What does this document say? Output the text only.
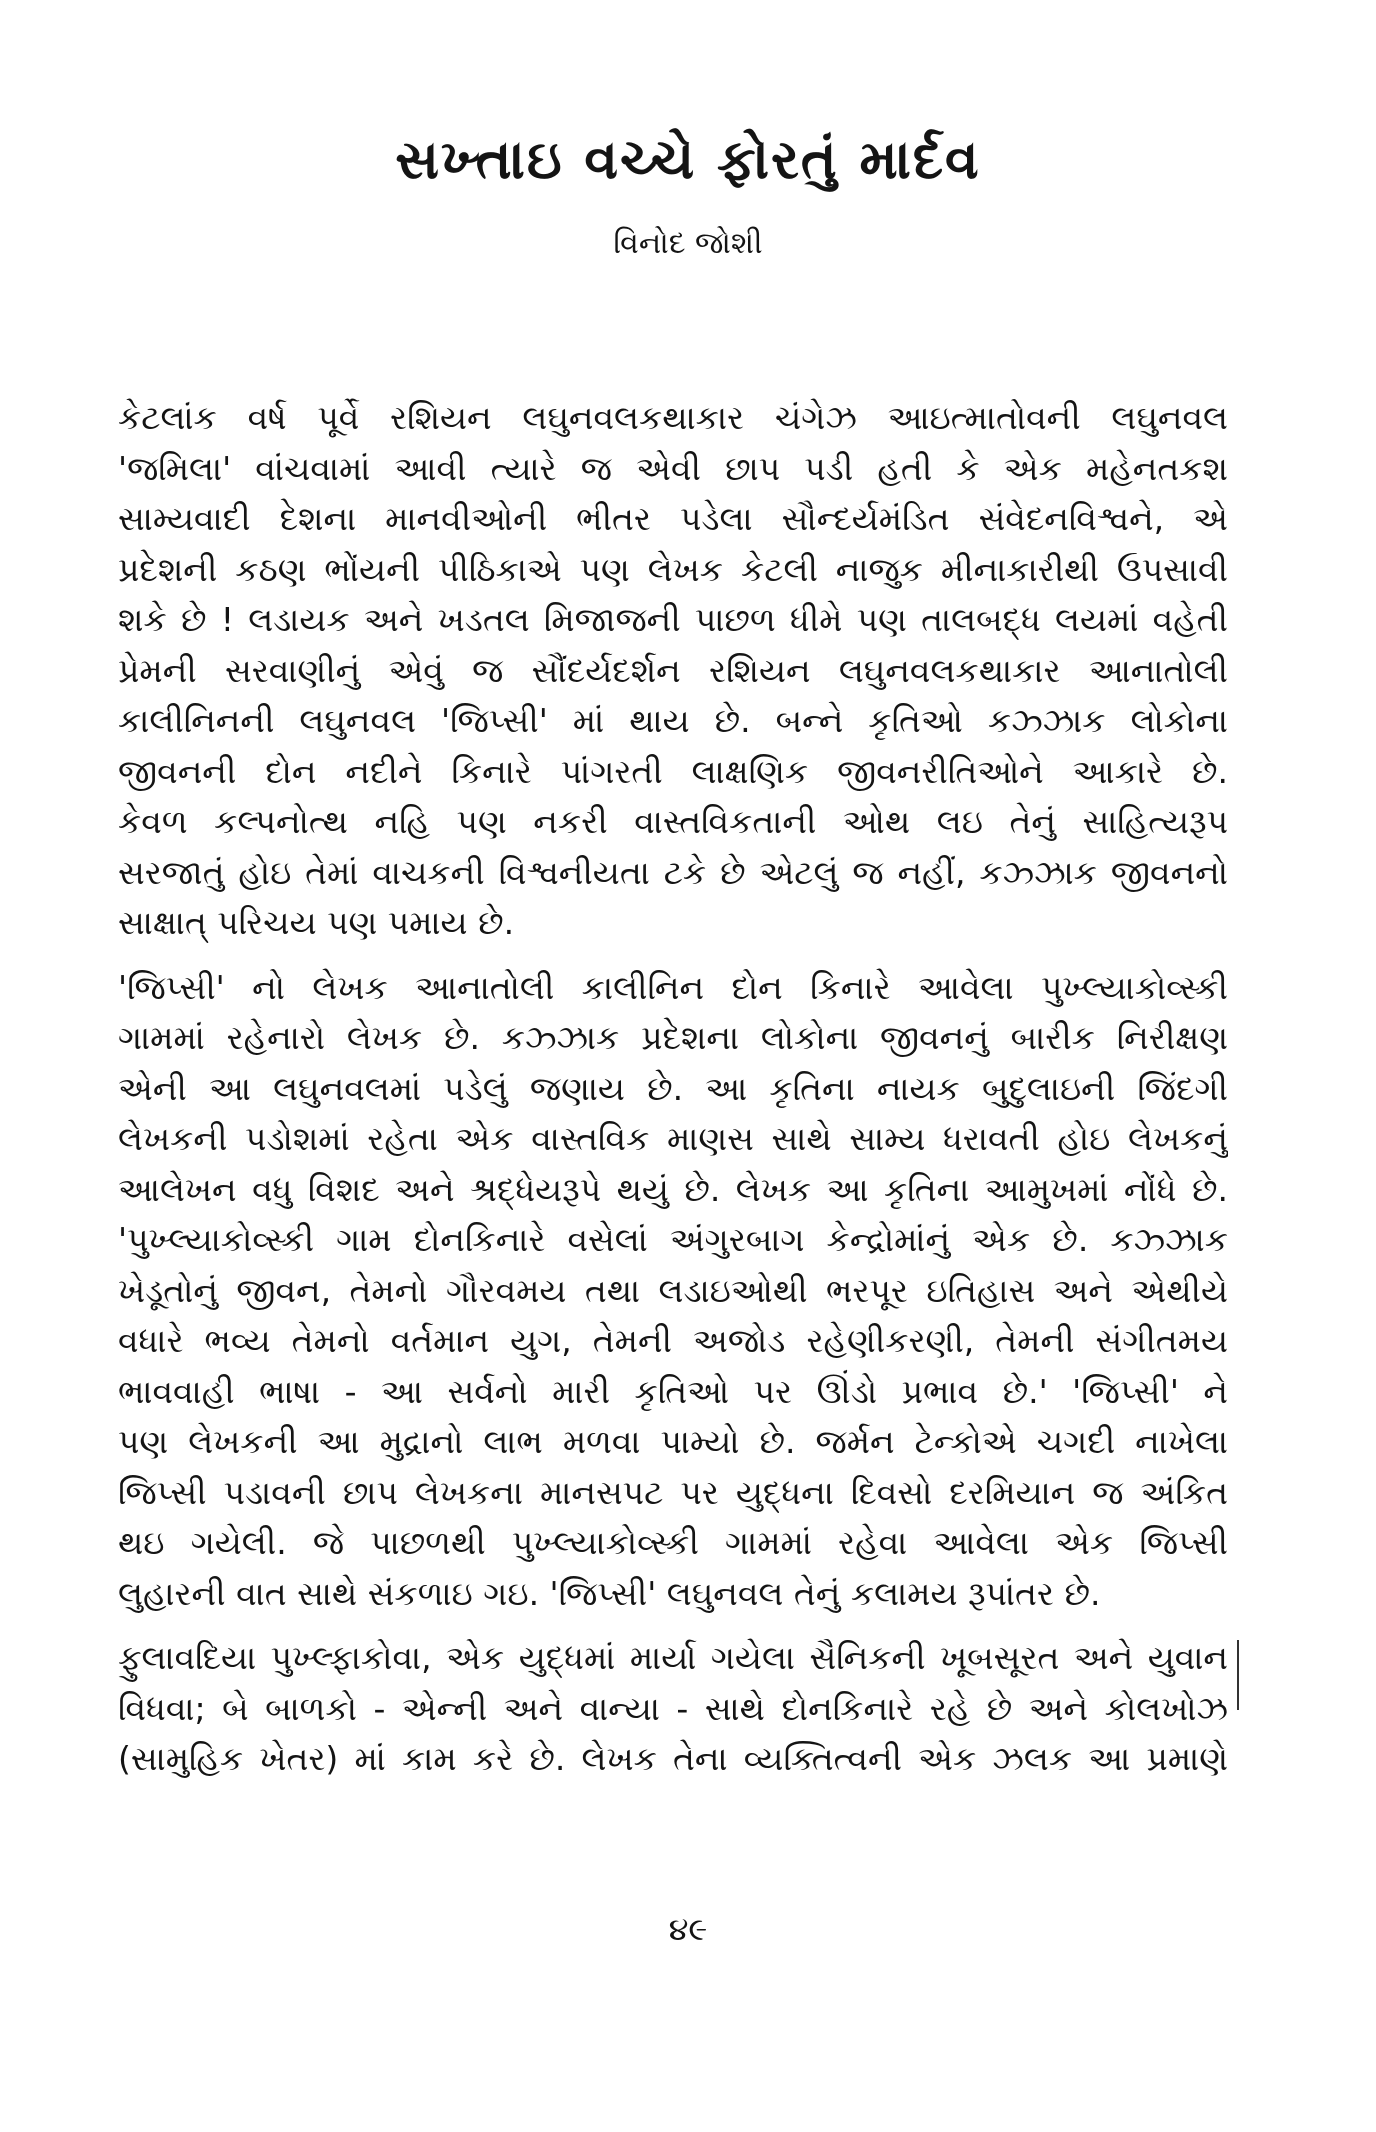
સખ્તાઇ વચ્ચે ફોરતું માર્દવ

વિનોદ જોશી

કેટલાંક વર્ષ પૂર્વે રશિયન લઘુનવલકથાકાર ચંગેઝ આઇત્માતોવની લઘુનવલ
'જમિલા' વાંચવામાં આવી ત્યારે જ એવી છાપ પડી હતી કે એક મહેનતકશ
સામ્યવાદી દેશના માનવીઓની ભીતર પડેલા સૌન્દર્યમંડિત સંવેદનવિશ્વને, એ
પ્રદેશની કઠણ ભોંયની પીઠિકાએ પણ લેખક કેટલી નાજુક મીનાકારીથી ઉપસાવી
શકે છે ! લડાયક અને ખડતલ મિજાજની પાછળ ધીમે પણ તાલબદ્ધ લયમાં વહેતી
પ્રેમની સરવાણીનું એવું જ સૌંદર્યદર્શન રશિયન લઘુનવલકથાકાર આનાતોલી
કાલીનિનની લઘુનવલ 'જિપ્સી' માં થાય છે. બન્ને કૃતિઓ કઝ્ઝાક લોકોના
જીવનની દોન નદીને કિનારે પાંગરતી લાક્ષણિક જીવનરીતિઓને આકારે છે.
કેવળ કલ્પનોત્થ નહિ પણ નકરી વાસ્તવિકતાની ઓથ લઇ તેનું સાહિત્યરૂપ
સરજાતું હોઇ તેમાં વાચકની વિશ્વનીયતા ટકે છે એટલું જ નહીં, કઝ્ઝાક જીવનનો
સાક્ષાત્ પરિચય પણ પમાય છે.
'જિપ્સી' નો લેખક આનાતોલી કાલીનિન દોન કિનારે આવેલા પુખ્લ્યાકોવ્સ્કી
ગામમાં રહેનારો લેખક છે. કઝ્ઝાક પ્રદેશના લોકોના જીવનનું બારીક નિરીક્ષણ
એની આ લઘુનવલમાં પડેલું જણાય છે. આ કૃતિના નાયક બુદુલાઇની જિંદગી
લેખકની પડોશમાં રહેતા એક વાસ્તવિક માણસ સાથે સામ્ય ધરાવતી હોઇ લેખકનું
આલેખન વધુ વિશદ અને શ્રદ્ધેયરૂપે થયું છે. લેખક આ કૃતિના આમુખમાં નોંધે છે.
'પુખ્લ્યાકોવ્સ્કી ગામ દોનકિનારે વસેલાં અંગુરબાગ કેન્દ્રોમાંનું એક છે. કઝ્ઝાક
ખેડૂતોનું જીવન, તેમનો ગૌરવમય તથા લડાઇઓથી ભરપૂર ઇતિહાસ અને એથીયે
વધારે ભવ્ય તેમનો વર્તમાન યુગ, તેમની અજોડ રહેણીકરણી, તેમની સંગીતમય
ભાવવાહી ભાષા - આ સર્વનો મારી કૃતિઓ પર ઊંડો પ્રભાવ છે.' 'જિપ્સી' ને
પણ લેખકની આ મુદ્રાનો લાભ મળવા પામ્યો છે. જર્મન ટેન્કોએ ચગદી નાખેલા
જિપ્સી પડાવની છાપ લેખકના માનસપટ પર યુદ્ધના દિવસો દરમિયાન જ અંકિત
થઇ ગયેલી. જે પાછળથી પુખ્લ્યાકોવ્સ્કી ગામમાં રહેવા આવેલા એક જિપ્સી
લુહારની વાત સાથે સંકળાઇ ગઇ. 'જિપ્સી' લઘુનવલ તેનું કલામય રૂપાંતર છે.
ફુલાવદિયા પુખ્લ્ફાકોવા, એક યુદ્ધમાં માર્યા ગયેલા સૈનિકની ખૂબસૂરત અને યુવાન
વિધવા; બે બાળકો - એન્ની અને વાન્યા - સાથે દોનકિનારે રહે છે અને કોલખોઝ
(સામુહિક ખેતર) માં કામ કરે છે. લેખક તેના વ્યક્તિત્વની એક ઝલક આ પ્રમાણે

૪૯
